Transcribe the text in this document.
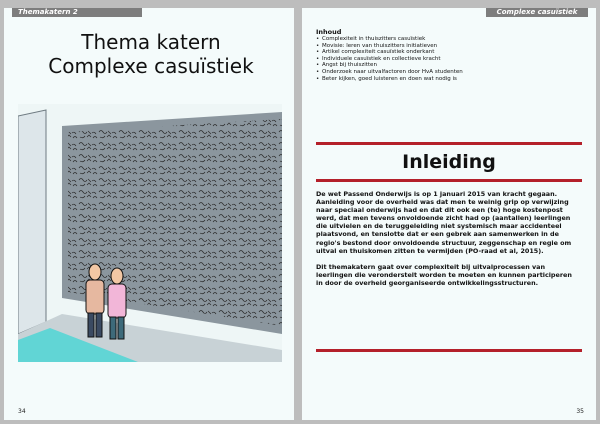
Themakatern 2
Thema katern
Complexe casuïstiek
34
Complexe casuïstiek
Inhoud
• Complexiteit in thuiszitters casuïstiek
• Movisie: leren van thuiszitters initiatieven
• Artikel complexiteit casuïstiek onderkant
• Individuele casuïstiek en collectieve kracht
• Angst bij thuiszitten
• Onderzoek naar uitvalfactoren door HvA studenten
• Beter kijken, goed luisteren en doen wat nodig is
Inleiding

De wet Passend Onderwijs is op 1 januari 2015 van kracht gegaan. Aanleiding voor de overheid was dat men te weinig grip op verwijzing naar speciaal onderwijs had en dat dit ook een (te) hoge kostenpost werd, dat men tevens onvoldoende zicht had op (aantallen) leerlingen die uitvielen en de teruggeleiding niet systemisch maar accidenteel plaatsvond, en tenslotte dat er een gebrek aan samenwerken in de regio's bestond door onvoldoende structuur, zeggenschap en regie om uitval en thuiskomen zitten te vermijden (PO-raad et al, 2015).

Dit themakatern gaat over complexiteit bij uitvalprocessen van leerlingen die veronderstelt worden te moeten en kunnen participeren in door de overheid georganiseerde ontwikkelingsstructuren.

35
